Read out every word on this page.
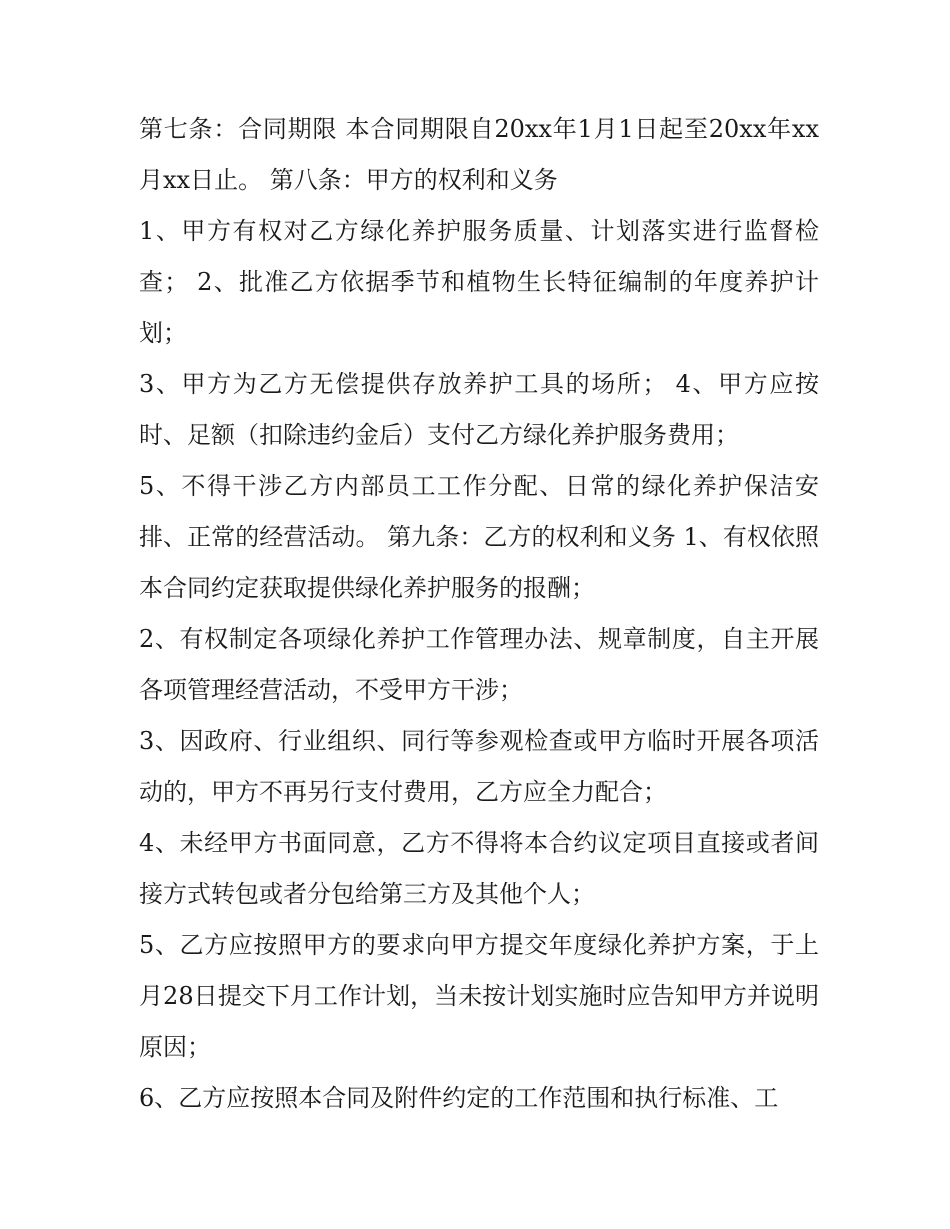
第七条：合同期限 本合同期限自20xx年1月1日起至20xx年xx月xx日止。 第八条：甲方的权利和义务

1、甲方有权对乙方绿化养护服务质量、计划落实进行监督检查； 2、批准乙方依据季节和植物生长特征编制的年度养护计划；

3、甲方为乙方无偿提供存放养护工具的场所； 4、甲方应按时、足额（扣除违约金后）支付乙方绿化养护服务费用；

5、不得干涉乙方内部员工工作分配、日常的绿化养护保洁安排、正常的经营活动。 第九条：乙方的权利和义务 1、有权依照本合同约定获取提供绿化养护服务的报酬；

2、有权制定各项绿化养护工作管理办法、规章制度，自主开展各项管理经营活动，不受甲方干涉；

3、因政府、行业组织、同行等参观检查或甲方临时开展各项活动的，甲方不再另行支付费用，乙方应全力配合；

4、未经甲方书面同意，乙方不得将本合约议定项目直接或者间接方式转包或者分包给第三方及其他个人；

5、乙方应按照甲方的要求向甲方提交年度绿化养护方案，于上月28日提交下月工作计划，当未按计划实施时应告知甲方并说明原因；

6、乙方应按照本合同及附件约定的工作范围和执行标准、工
